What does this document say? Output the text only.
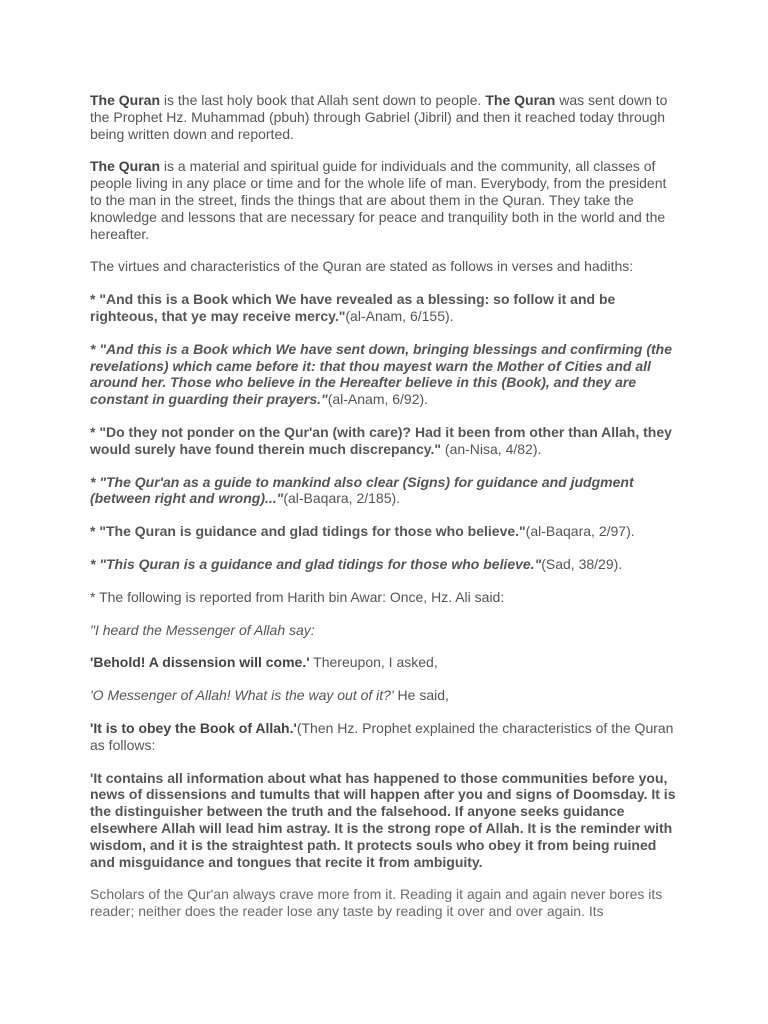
The Quran is the last holy book that Allah sent down to people. The Quran was sent down to the Prophet Hz. Muhammad (pbuh) through Gabriel (Jibril) and then it reached today through being written down and reported.

The Quran is a material and spiritual guide for individuals and the community, all classes of people living in any place or time and for the whole life of man. Everybody, from the president to the man in the street, finds the things that are about them in the Quran. They take the knowledge and lessons that are necessary for peace and tranquility both in the world and the hereafter.

The virtues and characteristics of the Quran are stated as follows in verses and hadiths:

* "And this is a Book which We have revealed as a blessing: so follow it and be righteous, that ye may receive mercy."(al-Anam, 6/155).

* "And this is a Book which We have sent down, bringing blessings and confirming (the revelations) which came before it: that thou mayest warn the Mother of Cities and all around her. Those who believe in the Hereafter believe in this (Book), and they are constant in guarding their prayers."(al-Anam, 6/92).

* "Do they not ponder on the Qur'an (with care)? Had it been from other than Allah, they would surely have found therein much discrepancy." (an-Nisa, 4/82).

* "The Qur'an as a guide to mankind also clear (Signs) for guidance and judgment (between right and wrong)..."(al-Baqara, 2/185).

* "The Quran is guidance and glad tidings for those who believe."(al-Baqara, 2/97).

* "This Quran is a guidance and glad tidings for those who believe."(Sad, 38/29).

* The following is reported from Harith bin Awar: Once, Hz. Ali said:

"I heard the Messenger of Allah say:

'Behold! A dissension will come.' Thereupon, I asked,

'O Messenger of Allah! What is the way out of it?' He said,

'It is to obey the Book of Allah.'(Then Hz. Prophet explained the characteristics of the Quran as follows:

'It contains all information about what has happened to those communities before you, news of dissensions and tumults that will happen after you and signs of Doomsday. It is the distinguisher between the truth and the falsehood. If anyone seeks guidance elsewhere Allah will lead him astray. It is the strong rope of Allah. It is the reminder with wisdom, and it is the straightest path. It protects souls who obey it from being ruined and misguidance and tongues that recite it from ambiguity.

Scholars of the Qur'an always crave more from it. Reading it again and again never bores its reader; neither does the reader lose any taste by reading it over and over again. Its
